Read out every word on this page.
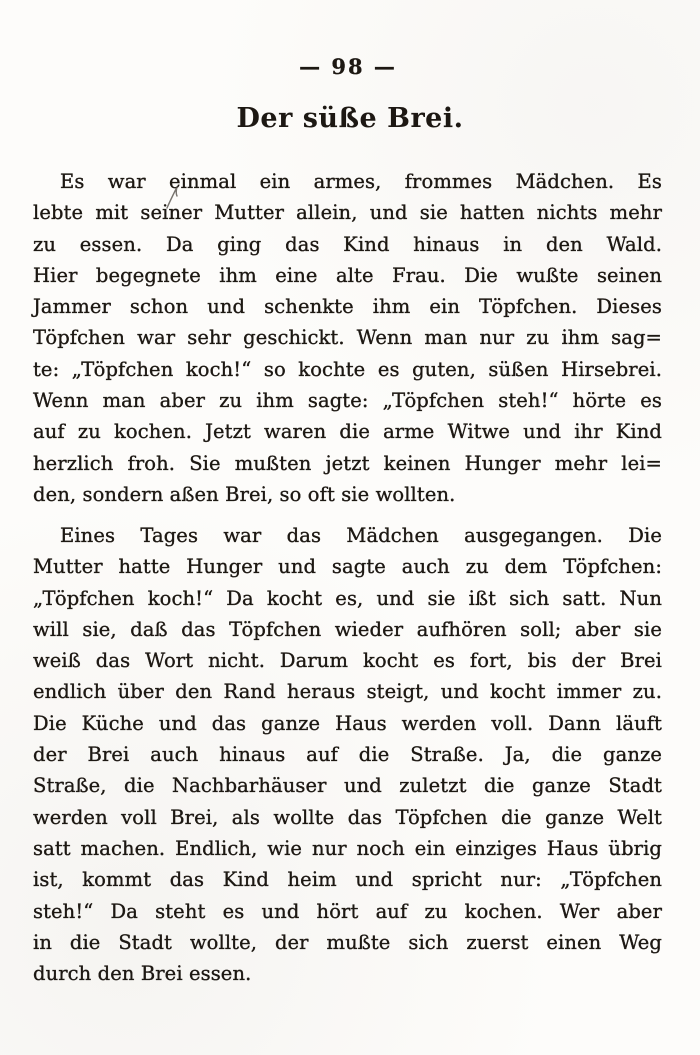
— 98 —
Der süße Brei.
Es war einmal ein armes, frommes Mädchen. Es
lebte mit seiner Mutter allein, und sie hatten nichts mehr
zu essen. Da ging das Kind hinaus in den Wald.
Hier begegnete ihm eine alte Frau. Die wußte seinen
Jammer schon und schenkte ihm ein Töpfchen. Dieses
Töpfchen war sehr geschickt. Wenn man nur zu ihm sag=
te: „Töpfchen koch!“ so kochte es guten, süßen Hirsebrei.
Wenn man aber zu ihm sagte: „Töpfchen steh!“ hörte es
auf zu kochen. Jetzt waren die arme Witwe und ihr Kind
herzlich froh. Sie mußten jetzt keinen Hunger mehr lei=
den, sondern aßen Brei, so oft sie wollten.
Eines Tages war das Mädchen ausgegangen. Die
Mutter hatte Hunger und sagte auch zu dem Töpfchen:
„Töpfchen koch!“ Da kocht es, und sie ißt sich satt. Nun
will sie, daß das Töpfchen wieder aufhören soll; aber sie
weiß das Wort nicht. Darum kocht es fort, bis der Brei
endlich über den Rand heraus steigt, und kocht immer zu.
Die Küche und das ganze Haus werden voll. Dann läuft
der Brei auch hinaus auf die Straße. Ja, die ganze
Straße, die Nachbarhäuser und zuletzt die ganze Stadt
werden voll Brei, als wollte das Töpfchen die ganze Welt
satt machen. Endlich, wie nur noch ein einziges Haus übrig
ist, kommt das Kind heim und spricht nur: „Töpfchen
steh!“ Da steht es und hört auf zu kochen. Wer aber
in die Stadt wollte, der mußte sich zuerst einen Weg
durch den Brei essen.
